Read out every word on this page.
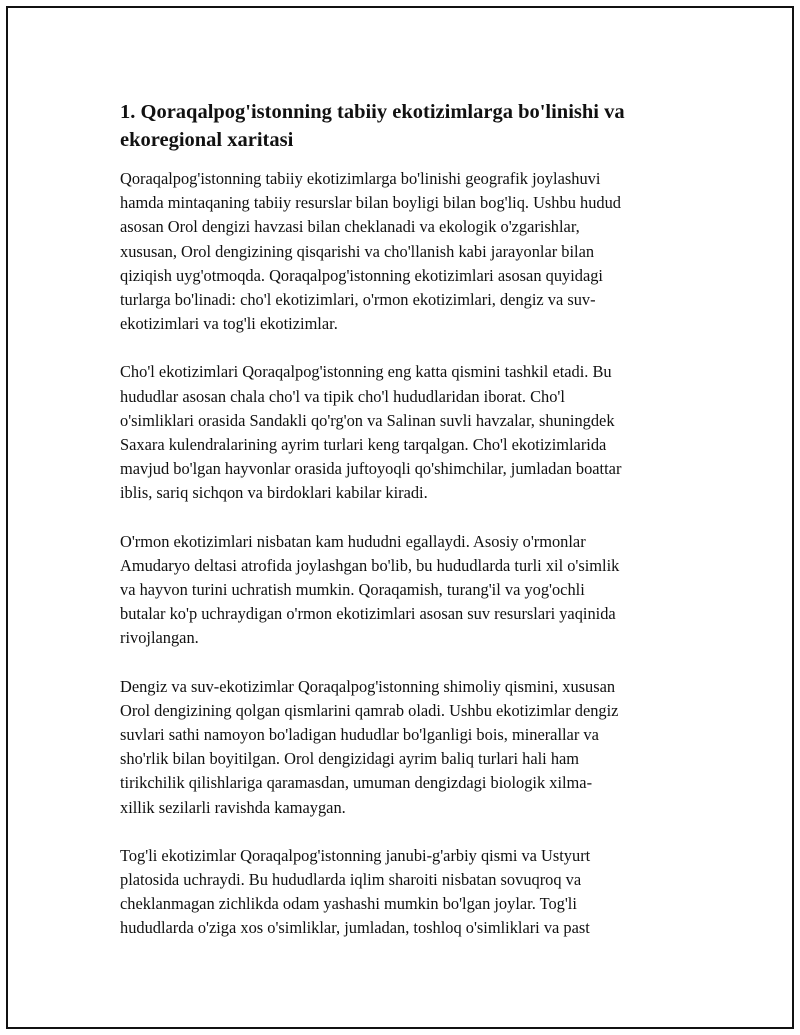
1. Qoraqalpog'istonning tabiiy ekotizimlarga bo'linishi va
ekoregional xaritasi

Qoraqalpog'istonning tabiiy ekotizimlarga bo'linishi geografik joylashuvi
hamda mintaqaning tabiiy resurslar bilan boyligi bilan bog'liq. Ushbu hudud
asosan Orol dengizi havzasi bilan cheklanadi va ekologik o'zgarishlar,
xususan, Orol dengizining qisqarishi va cho'llanish kabi jarayonlar bilan
qiziqish uyg'otmoqda. Qoraqalpog'istonning ekotizimlari asosan quyidagi
turlarga bo'linadi: cho'l ekotizimlari, o'rmon ekotizimlari, dengiz va suv-
ekotizimlari va tog'li ekotizimlar.

Cho'l ekotizimlari Qoraqalpog'istonning eng katta qismini tashkil etadi. Bu
hududlar asosan chala cho'l va tipik cho'l hududlaridan iborat. Cho'l
o'simliklari orasida Sandakli qo'rg'on va Salinan suvli havzalar, shuningdek
Saxara kulendralarining ayrim turlari keng tarqalgan. Cho'l ekotizimlarida
mavjud bo'lgan hayvonlar orasida juftoyoqli qo'shimchilar, jumladan boattar
iblis, sariq sichqon va birdoklari kabilar kiradi.

O'rmon ekotizimlari nisbatan kam hududni egallaydi. Asosiy o'rmonlar
Amudaryo deltasi atrofida joylashgan bo'lib, bu hududlarda turli xil o'simlik
va hayvon turini uchratish mumkin. Qoraqamish, turang'il va yog'ochli
butalar ko'p uchraydigan o'rmon ekotizimlari asosan suv resurslari yaqinida
rivojlangan.

Dengiz va suv-ekotizimlar Qoraqalpog'istonning shimoliy qismini, xususan
Orol dengizining qolgan qismlarini qamrab oladi. Ushbu ekotizimlar dengiz
suvlari sathi namoyon bo'ladigan hududlar bo'lganligi bois, minerallar va
sho'rlik bilan boyitilgan. Orol dengizidagi ayrim baliq turlari hali ham
tirikchilik qilishlariga qaramasdan, umuman dengizdagi biologik xilma-
xillik sezilarli ravishda kamaygan.

Tog'li ekotizimlar Qoraqalpog'istonning janubi-g'arbiy qismi va Ustyurt
platosida uchraydi. Bu hududlarda iqlim sharoiti nisbatan sovuqroq va
cheklanmagan zichlikda odam yashashi mumkin bo'lgan joylar. Tog'li
hududlarda o'ziga xos o'simliklar, jumladan, toshloq o'simliklari va past
